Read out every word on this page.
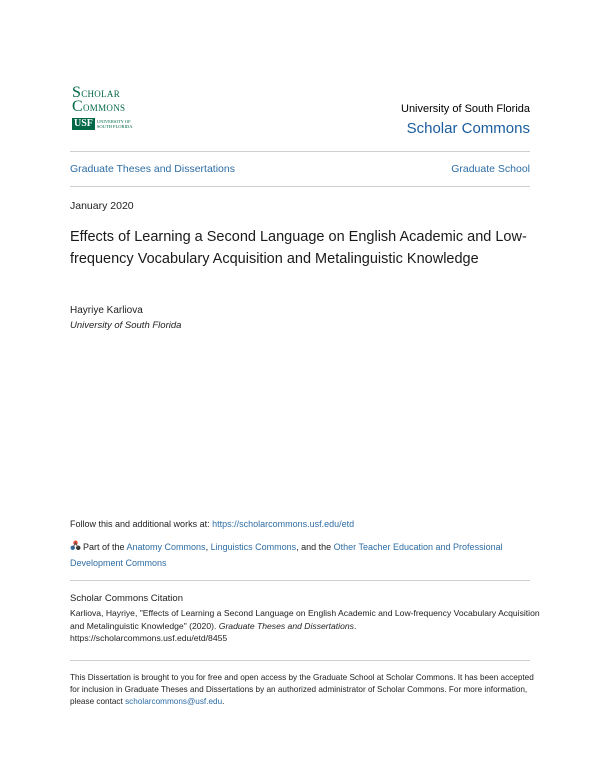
SCHOLAR
COMMONS
USF UNIVERSITY OF
SOUTH FLORIDA
University of South Florida
Scholar Commons
Graduate Theses and Dissertations	Graduate School
January 2020
Effects of Learning a Second Language on English Academic and Low-frequency Vocabulary Acquisition and Metalinguistic Knowledge
Hayriye Karliova
University of South Florida
Follow this and additional works at: https://scholarcommons.usf.edu/etd
Part of the Anatomy Commons, Linguistics Commons, and the Other Teacher Education and Professional Development Commons
Scholar Commons Citation
Karliova, Hayriye, "Effects of Learning a Second Language on English Academic and Low-frequency Vocabulary Acquisition and Metalinguistic Knowledge" (2020). Graduate Theses and Dissertations.
https://scholarcommons.usf.edu/etd/8455
This Dissertation is brought to you for free and open access by the Graduate School at Scholar Commons. It has been accepted for inclusion in Graduate Theses and Dissertations by an authorized administrator of Scholar Commons. For more information, please contact scholarcommons@usf.edu.
